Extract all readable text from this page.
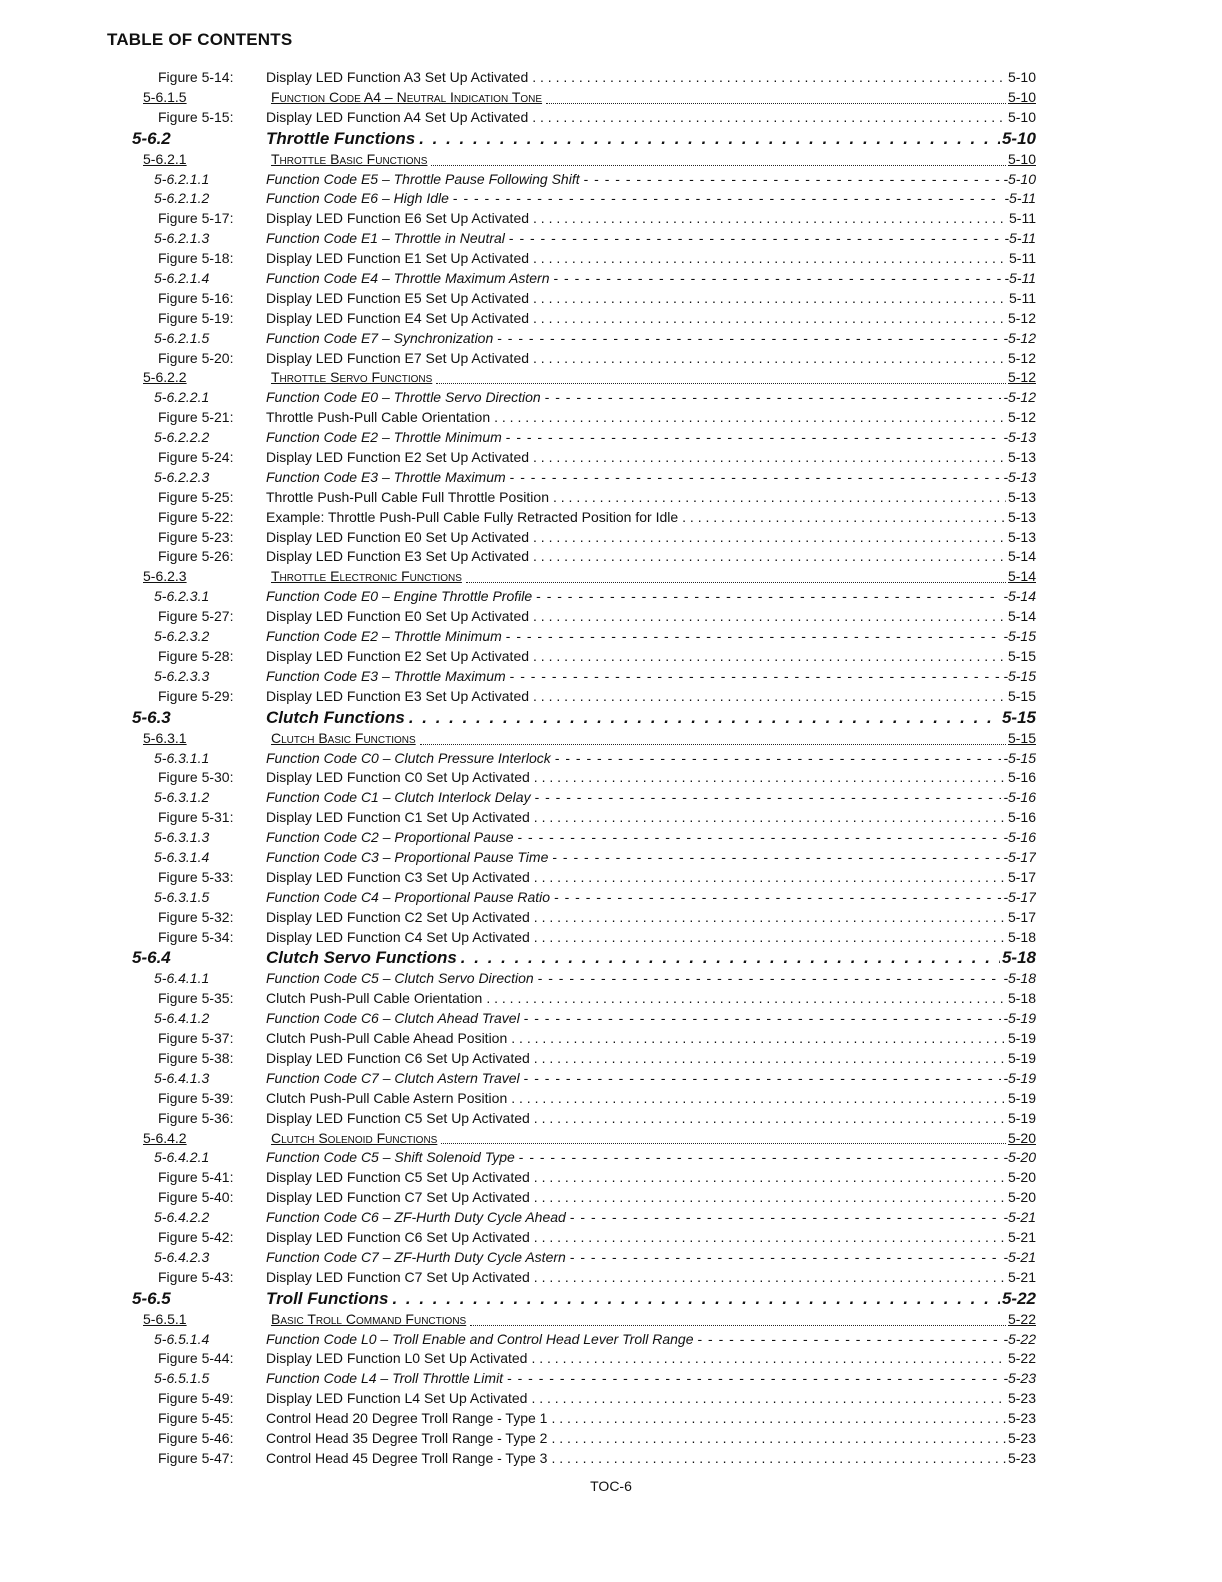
TABLE OF CONTENTS
Figure 5-14: Display LED Function A3 Set Up Activated . . .	5-10
5-6.1.5	Function Code A4 – Neutral Indication Tone	5-10
Figure 5-15: Display LED Function A4 Set Up Activated . . .	5-10
5-6.2	Throttle Functions . . .	5-10
5-6.2.1	Throttle Basic Functions	5-10
5-6.2.1.1	Function Code E5 – Throttle Pause Following Shift - - -	-5-10
5-6.2.1.2	Function Code E6 – High Idle - - -	-5-11
Figure 5-17: Display LED Function E6 Set Up Activated . . .	5-11
5-6.2.1.3	Function Code E1 – Throttle in Neutral - - -	-5-11
Figure 5-18: Display LED Function E1 Set Up Activated . . .	5-11
5-6.2.1.4	Function Code E4 – Throttle Maximum Astern - - -	-5-11
Figure 5-16: Display LED Function E5 Set Up Activated . . .	5-11
Figure 5-19: Display LED Function E4 Set Up Activated . . .	5-12
5-6.2.1.5	Function Code E7 – Synchronization - - -	-5-12
Figure 5-20: Display LED Function E7 Set Up Activated . . .	5-12
5-6.2.2	Throttle Servo Functions	5-12
5-6.2.2.1	Function Code E0 – Throttle Servo Direction - - -	-5-12
Figure 5-21: Throttle Push-Pull Cable Orientation . . .	5-12
5-6.2.2.2	Function Code E2 – Throttle Minimum - - -	-5-13
Figure 5-24: Display LED Function E2 Set Up Activated . . .	5-13
5-6.2.2.3	Function Code E3 – Throttle Maximum - - -	-5-13
Figure 5-25: Throttle Push-Pull Cable Full Throttle Position . . .	5-13
Figure 5-22: Example: Throttle Push-Pull Cable Fully Retracted Position for Idle . . .	5-13
Figure 5-23: Display LED Function E0 Set Up Activated . . .	5-13
Figure 5-26: Display LED Function E3 Set Up Activated . . .	5-14
5-6.2.3	Throttle Electronic Functions	5-14
5-6.2.3.1	Function Code E0 – Engine Throttle Profile - - -	-5-14
Figure 5-27: Display LED Function E0 Set Up Activated . . .	5-14
5-6.2.3.2	Function Code E2 – Throttle Minimum - - -	-5-15
Figure 5-28: Display LED Function E2 Set Up Activated . . .	5-15
5-6.2.3.3	Function Code E3 – Throttle Maximum - - -	-5-15
Figure 5-29: Display LED Function E3 Set Up Activated . . .	5-15
5-6.3	Clutch Functions . . .	5-15
5-6.3.1	Clutch Basic Functions	5-15
5-6.3.1.1	Function Code C0 – Clutch Pressure Interlock - - -	-5-15
Figure 5-30: Display LED Function C0 Set Up Activated . . .	5-16
5-6.3.1.2	Function Code C1 – Clutch Interlock Delay - - -	-5-16
Figure 5-31: Display LED Function C1 Set Up Activated . . .	5-16
5-6.3.1.3	Function Code C2 – Proportional Pause - - -	-5-16
5-6.3.1.4	Function Code C3 – Proportional Pause Time - - -	-5-17
Figure 5-33: Display LED Function C3 Set Up Activated . . .	5-17
5-6.3.1.5	Function Code C4 – Proportional Pause Ratio - - -	-5-17
Figure 5-32: Display LED Function C2 Set Up Activated . . .	5-17
Figure 5-34: Display LED Function C4 Set Up Activated . . .	5-18
5-6.4	Clutch Servo Functions . . .	5-18
5-6.4.1.1	Function Code C5 – Clutch Servo Direction - - -	-5-18
Figure 5-35: Clutch Push-Pull Cable Orientation . . .	5-18
5-6.4.1.2	Function Code C6 – Clutch Ahead Travel - - -	-5-19
Figure 5-37: Clutch Push-Pull Cable Ahead Position . . .	5-19
Figure 5-38: Display LED Function C6 Set Up Activated . . .	5-19
5-6.4.1.3	Function Code C7 – Clutch Astern Travel - - -	-5-19
Figure 5-39: Clutch Push-Pull Cable Astern Position . . .	5-19
Figure 5-36: Display LED Function C5 Set Up Activated . . .	5-19
5-6.4.2	Clutch Solenoid Functions	5-20
5-6.4.2.1	Function Code C5 – Shift Solenoid Type - - -	-5-20
Figure 5-41: Display LED Function C5 Set Up Activated . . .	5-20
Figure 5-40: Display LED Function C7 Set Up Activated . . .	5-20
5-6.4.2.2	Function Code C6 – ZF-Hurth Duty Cycle Ahead - - -	-5-21
Figure 5-42: Display LED Function C6 Set Up Activated . . .	5-21
5-6.4.2.3	Function Code C7 – ZF-Hurth Duty Cycle Astern - - -	-5-21
Figure 5-43: Display LED Function C7 Set Up Activated . . .	5-21
5-6.5	Troll Functions . . .	5-22
5-6.5.1	Basic Troll Command Functions	5-22
5-6.5.1.4	Function Code L0 – Troll Enable and Control Head Lever Troll Range - - -	-5-22
Figure 5-44: Display LED Function L0 Set Up Activated . . .	5-22
5-6.5.1.5	Function Code L4 – Troll Throttle Limit - - -	-5-23
Figure 5-49: Display LED Function L4 Set Up Activated . . .	5-23
Figure 5-45: Control Head 20 Degree Troll Range - Type 1 . . .	5-23
Figure 5-46: Control Head 35 Degree Troll Range - Type 2 . . .	5-23
Figure 5-47: Control Head 45 Degree Troll Range - Type 3 . . .	5-23
TOC-6
